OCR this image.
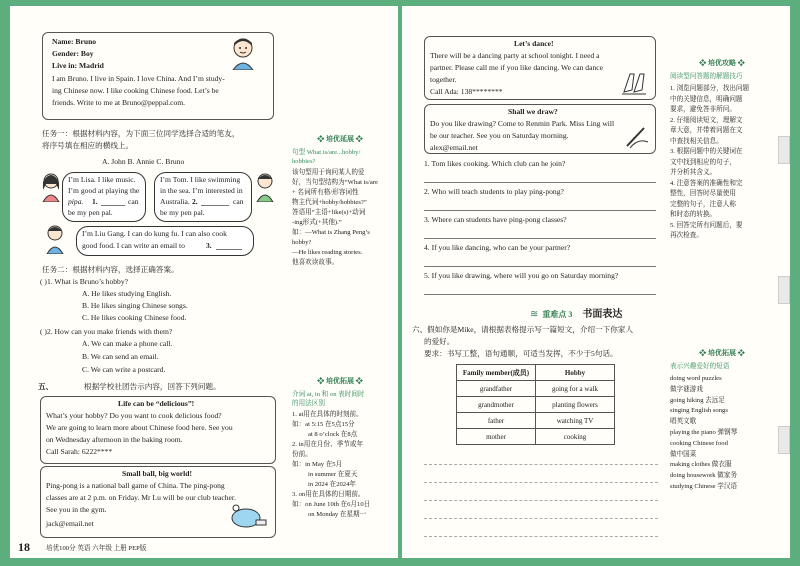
Name: Bruno
Gender: Boy
Live in: Madrid
I am Bruno. I live in Spain. I love China. And I’m study-
ing Chinese now. I like cooking Chinese food. Let’s be
friends. Write to me at Bruno@peppal.com.
任务一：根据材料内容，为下面三位同学选择合适的笔友，
将序号填在相应的横线上。
A. John B. Annie C. Bruno
I’m Lisa. I like music.
I’m good at playing the
pipa. 1.	can
be my pen pal.
I’m Tom. I like swimming
in the sea. I’m interested in
Australia. 2.	can
be my pen pal.
I’m Liu Gang. I can do kung fu. I can also cook
good food. I can write an email to	3.
任务二：根据材料内容，选择正确答案。
( )1. What is Bruno’s hobby?
A. He likes studying English.
B. He likes singing Chinese songs.
C. He likes cooking Chinese food.
( )2. How can you make friends with them?
A. We can make a phone call.
B. We can send an email.
C. We can write a postcard.
五、	根据学校社团告示内容，回答下列问题。
Life can be “delicious”!
What’s your hobby? Do you want to cook delicious food?
We are going to learn more about Chinese food here. See you
on Wednesday afternoon in the baking room.
Call Sarah: 6222****
Small ball, big world!
Ping-pong is a national ball game of China. The ping-pong
classes are at 2 p.m. on Friday. Mr Lu will be our club teacher.
See you in the gym.
jack@email.net
❖ 培优延展 ❖
句型 What is/are...hobby/
hobbies?
该句型用于询问某人的爱
好，当句型结构为“What is/are
+ 名词所有格/形容词性
物主代词+hobby/hobbies?”
答语用“主语+like(s)+动词
-ing形式(+其他).”
如：—What is Zhang Peng’s
hobby?
—He likes reading stories.
他喜欢读故事。
❖ 培优拓展 ❖
介词 at, in 和 on 表时间时
的用法区别
1. at用在具体的时刻前。
如：at 5:15 在5点15分
at 8 o’clock 在8点
2. in用在月份、季节或年
份前。
如：in May 在5月
in summer 在夏天
in 2024 在2024年
3. on用在具体的日期前。
如：on June 10th 在6月10日
on Monday 在星期一
18 培优100分 英语 六年级 上册 PEP版
Let’s dance!
There will be a dancing party at school tonight. I need a
partner. Please call me if you like dancing. We can dance
together.
Call Ada: 138********
Shall we draw?
Do you like drawing? Come to Renmin Park. Miss Ling will
be our teacher. See you on Saturday morning.
alex@email.net
1. Tom likes cooking. Which club can he join?
2. Who will teach students to play ping-pong?
3. Where can students have ping-pong classes?
4. If you like dancing, who can be your partner?
5. If you like drawing, where will you go on Saturday morning?
≋ 重难点 3 书面表达
六、假如你是Mike，请根据表格提示写一篇短文，介绍一下你家人
的爱好。
要求：书写工整，语句通顺，可适当发挥，不少于5句话。
Family member(成员)	Hobby
grandfather	going for a walk
grandmother	planting flowers
father	watching TV
mother	cooking
❖ 培优攻略 ❖
阅读型问答题的解题技巧
1. 浏览问题部分，找出问题
中的关键信息，明确问题
要求，避免答非所问。
2. 仔细阅读短文，理解文
章大意，并带着问题在文
中查找相关信息。
3. 根据问题中的关键词在
文中找到相应的句子，
并分析其含义。
4. 注意答案的准确性和完
整性，回答时尽量使用
完整的句子，注意人称
和时态的转换。
5. 回答完所有问题后，要
再次检查。
❖ 培优拓展 ❖
表示兴趣爱好的短语
doing word puzzles
做字谜游戏
going hiking 去远足
singing English songs
唱英文歌
playing the piano 弹钢琴
cooking Chinese food
做中国菜
making clothes 做衣服
doing housework 做家务
studying Chinese 学汉语
